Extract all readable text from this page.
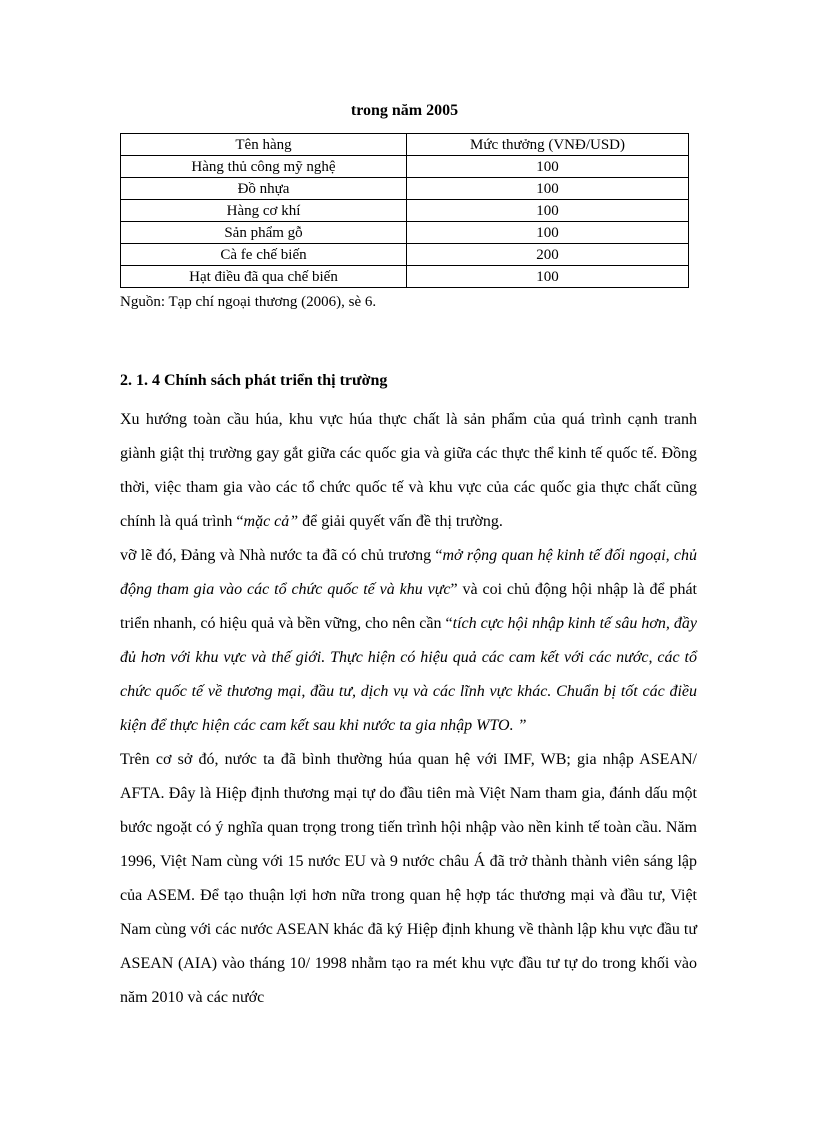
trong năm 2005
Tên hàng	Mức thưởng (VNĐ/USD)
Hàng thủ công mỹ nghệ	100
Đồ nhựa	100
Hàng cơ khí	100
Sản phẩm gỗ	100
Cà fe chế biến	200
Hạt điều đã qua chế biến	100
Nguồn: Tạp chí ngoại thương (2006), sè 6.
2. 1. 4 Chính sách phát triển thị trường

Xu hướng toàn cầu húa, khu vực húa thực chất là sản phẩm của quá trình cạnh tranh giành giật thị trường gay gắt giữa các quốc gia và giữa các thực thể kinh tế quốc tế. Đồng thời, việc tham gia vào các tổ chức quốc tế và khu vực của các quốc gia thực chất cũng chính là quá trình “mặc cả” để giải quyết vấn đề thị trường.

vỡ lẽ đó, Đảng và Nhà nước ta đã có chủ trương “mở rộng quan hệ kinh tế đối ngoại, chủ động tham gia vào các tổ chức quốc tế và khu vực” và coi chủ động hội nhập là để phát triển nhanh, có hiệu quả và bền vững, cho nên cần “tích cực hội nhập kinh tế sâu hơn, đầy đủ hơn với khu vực và thế giới. Thực hiện có hiệu quả các cam kết với các nước, các tổ chức quốc tế về thương mại, đầu tư, dịch vụ và các lĩnh vực khác. Chuẩn bị tốt các điều kiện để thực hiện các cam kết sau khi nước ta gia nhập WTO. ”

Trên cơ sở đó, nước ta đã bình thường húa quan hệ với IMF, WB; gia nhập ASEAN/ AFTA. Đây là Hiệp định thương mại tự do đầu tiên mà Việt Nam tham gia, đánh dấu một bước ngoặt có ý nghĩa quan trọng trong tiến trình hội nhập vào nền kinh tế toàn cầu. Năm 1996, Việt Nam cùng với 15 nước EU và 9 nước châu Á đã trở thành thành viên sáng lập của ASEM. Để tạo thuận lợi hơn nữa trong quan hệ hợp tác thương mại và đầu tư, Việt Nam cùng với các nước ASEAN khác đã ký Hiệp định khung về thành lập khu vực đầu tư ASEAN (AIA) vào tháng 10/ 1998 nhằm tạo ra mét khu vực đầu tư tự do trong khối vào năm 2010 và các nước
